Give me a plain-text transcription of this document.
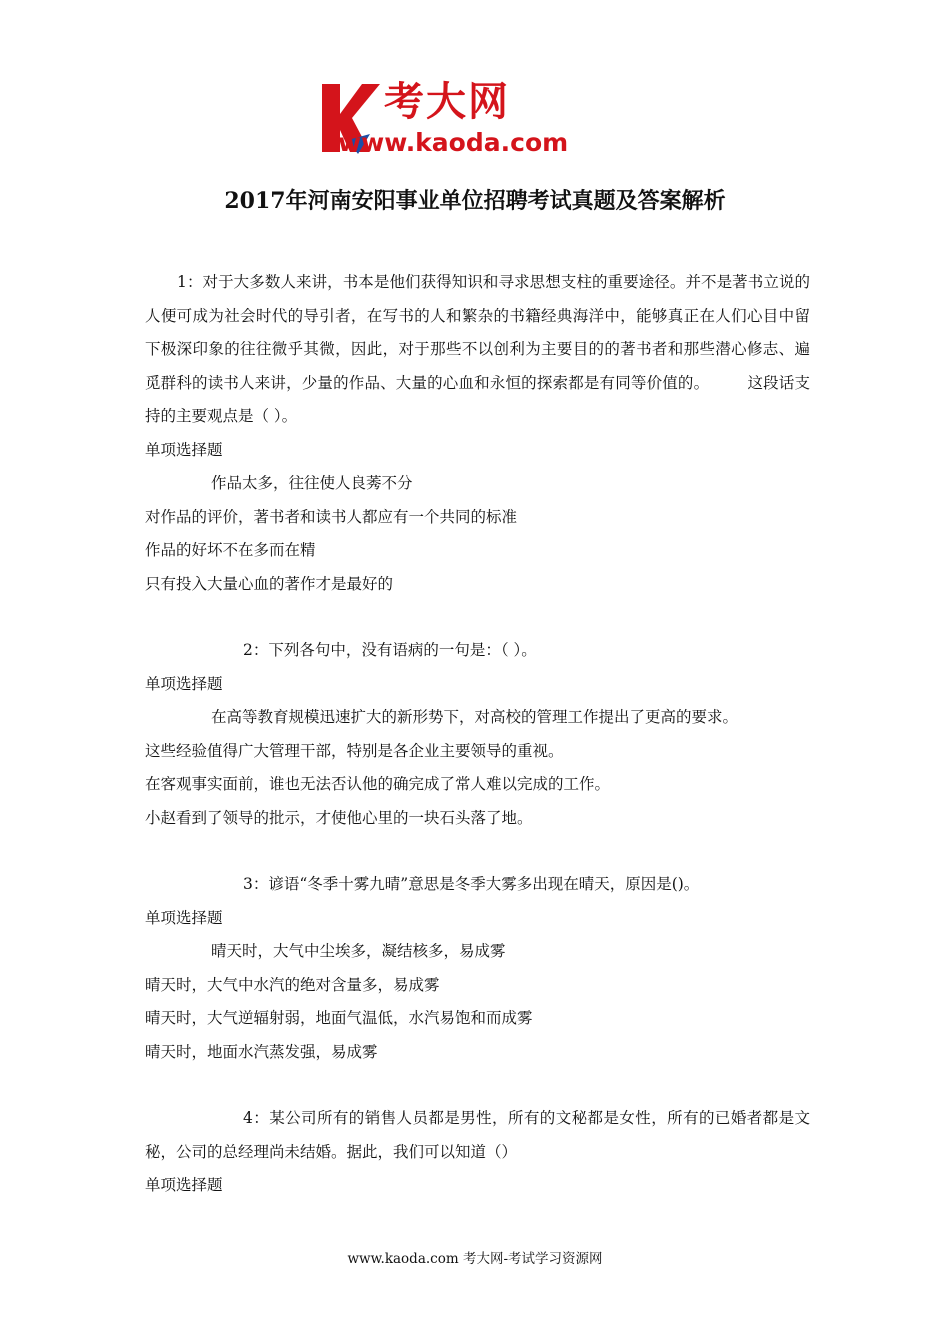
考大网
www.kaoda.com
2017年河南安阳事业单位招聘考试真题及答案解析

1：对于大多数人来讲，书本是他们获得知识和寻求思想支柱的重要途径。并不是著书立说的人便可成为社会时代的导引者，在写书的人和繁杂的书籍经典海洋中，能够真正在人们心目中留下极深印象的往往微乎其微，因此，对于那些不以创利为主要目的的著书者和那些潜心修志、遍觅群科的读书人来讲，少量的作品、大量的心血和永恒的探索都是有同等价值的。 这段话支持的主要观点是（ ）。

单项选择题

作品太多，往往使人良莠不分

对作品的评价，著书者和读书人都应有一个共同的标准

作品的好坏不在多而在精

只有投入大量心血的著作才是最好的

2：下列各句中，没有语病的一句是：（ ）。

单项选择题

在高等教育规模迅速扩大的新形势下，对高校的管理工作提出了更高的要求。

这些经验值得广大管理干部，特别是各企业主要领导的重视。

在客观事实面前，谁也无法否认他的确完成了常人难以完成的工作。

小赵看到了领导的批示，才使他心里的一块石头落了地。

3：谚语“冬季十雾九晴”意思是冬季大雾多出现在晴天，原因是()。

单项选择题

晴天时，大气中尘埃多，凝结核多，易成雾

晴天时，大气中水汽的绝对含量多，易成雾

晴天时，大气逆辐射弱，地面气温低，水汽易饱和而成雾

晴天时，地面水汽蒸发强，易成雾

4：某公司所有的销售人员都是男性，所有的文秘都是女性，所有的已婚者都是文秘，公司的总经理尚未结婚。据此，我们可以知道（）

单项选择题

www.kaoda.com 考大网-考试学习资源网
